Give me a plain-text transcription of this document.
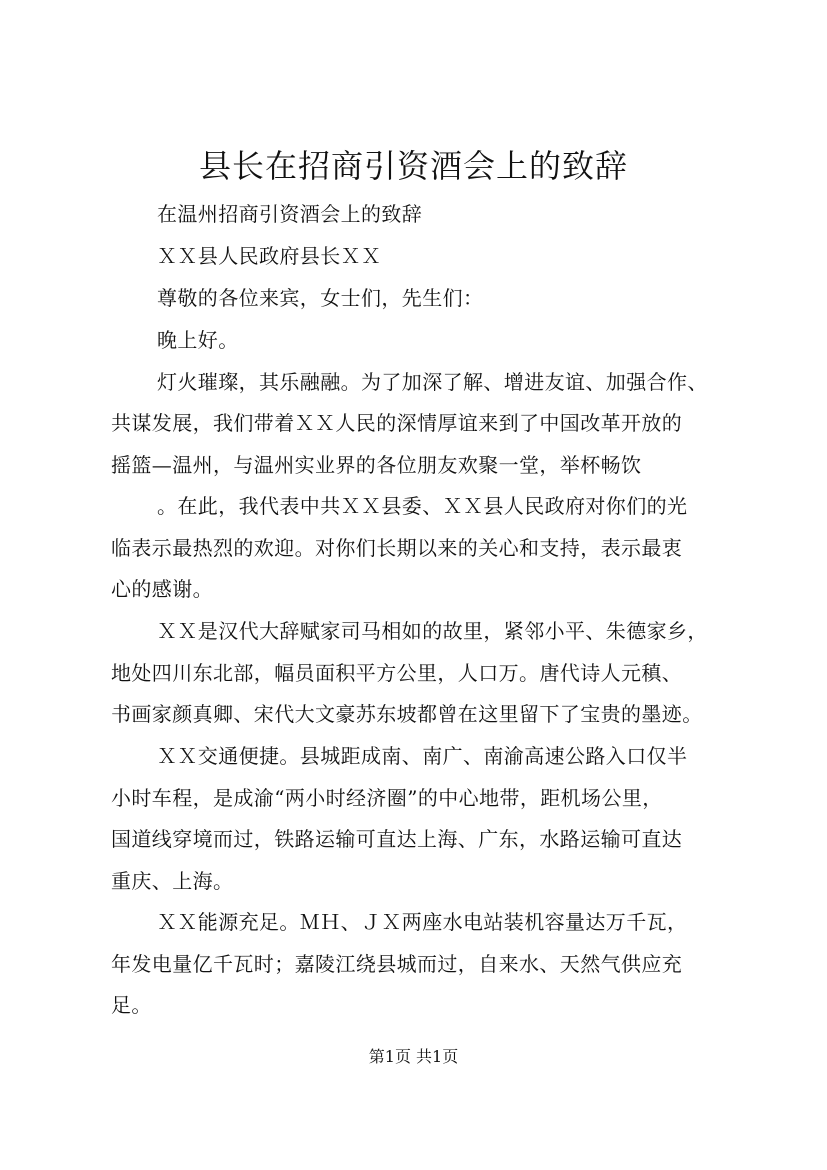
县长在招商引资酒会上的致辞
在温州招商引资酒会上的致辞
ＸＸ县人民政府县长ＸＸ
尊敬的各位来宾，女士们，先生们：
晚上好。
灯火璀璨，其乐融融。为了加深了解、增进友谊、加强合作、
共谋发展，我们带着ＸＸ人民的深情厚谊来到了中国改革开放的
摇篮—温州，与温州实业界的各位朋友欢聚一堂，举杯畅饮
。在此，我代表中共ＸＸ县委、ＸＸ县人民政府对你们的光
临表示最热烈的欢迎。对你们长期以来的关心和支持，表示最衷
心的感谢。
ＸＸ是汉代大辞赋家司马相如的故里，紧邻小平、朱德家乡，
地处四川东北部，幅员面积平方公里，人口万。唐代诗人元稹、
书画家颜真卿、宋代大文豪苏东坡都曾在这里留下了宝贵的墨迹。
ＸＸ交通便捷。县城距成南、南广、南渝高速公路入口仅半
小时车程，是成渝“两小时经济圈”的中心地带，距机场公里，
国道线穿境而过，铁路运输可直达上海、广东，水路运输可直达
重庆、上海。
ＸＸ能源充足。ＭＨ、ＪＸ两座水电站装机容量达万千瓦，
年发电量亿千瓦时；嘉陵江绕县城而过，自来水、天然气供应充
足。
第1页 共1页
